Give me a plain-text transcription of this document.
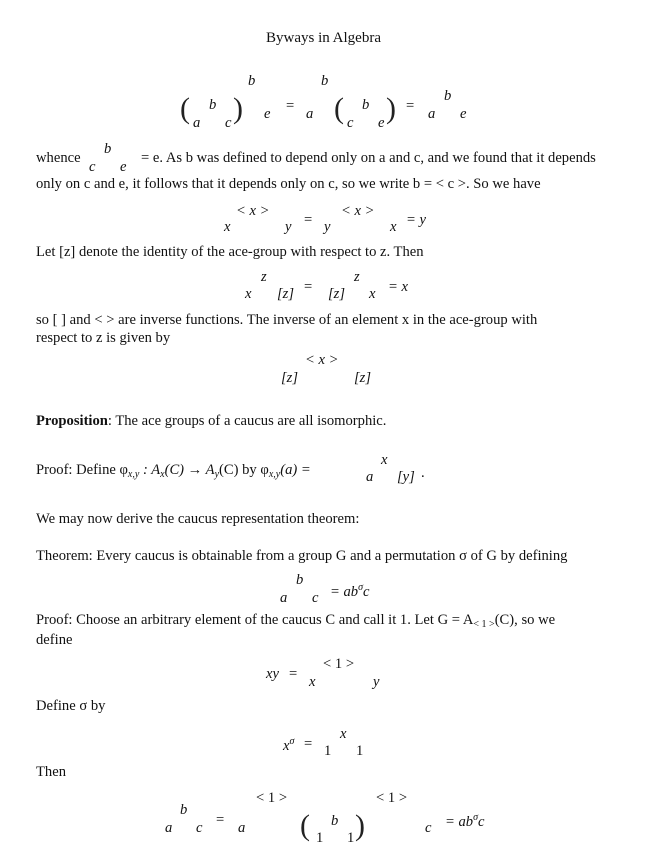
Byways in Algebra
b	b
( b
a c ) e = a ( b
c e ) =
b
a e
whence
b
c e
= e. As b was defined to depend only on a and c, and we found that it depends
only on c and e, it follows that it depends only on c, so we write b = < c >. So we have
< x >	< x >
x	y = y	x = y
Let [z] denote the identity of the ace-group with respect to z. Then
z	z
x [z] = [z] x = x
so [ ] and < > are inverse functions. The inverse of an element x in the ace-group with
respect to z is given by
< x >
[z]	[z]
Proposition: The ace groups of a caucus are all isomorphic.
x
Proof: Define $\varphi_{x,y}$ : $A_x(C) \to A_y(C)$ by $\varphi_{x,y}(a)$ =	a [y] .
We may now derive the caucus representation theorem:
Theorem: Every caucus is obtainable from a group G and a permutation σ of G by defining
b
a $c = ab^\sigma c$
Proof: Choose an arbitrary element of the caucus C and call it 1. Let $G = A_{< 1 >}(C)$, so we
define
xy =
< 1 >
x	y
Define σ by
$x^\sigma$ =
x
1 1
Then
b
a c = a
< 1 >
( b
1 1 )
< 1 >
$c = ab^\sigma c$
